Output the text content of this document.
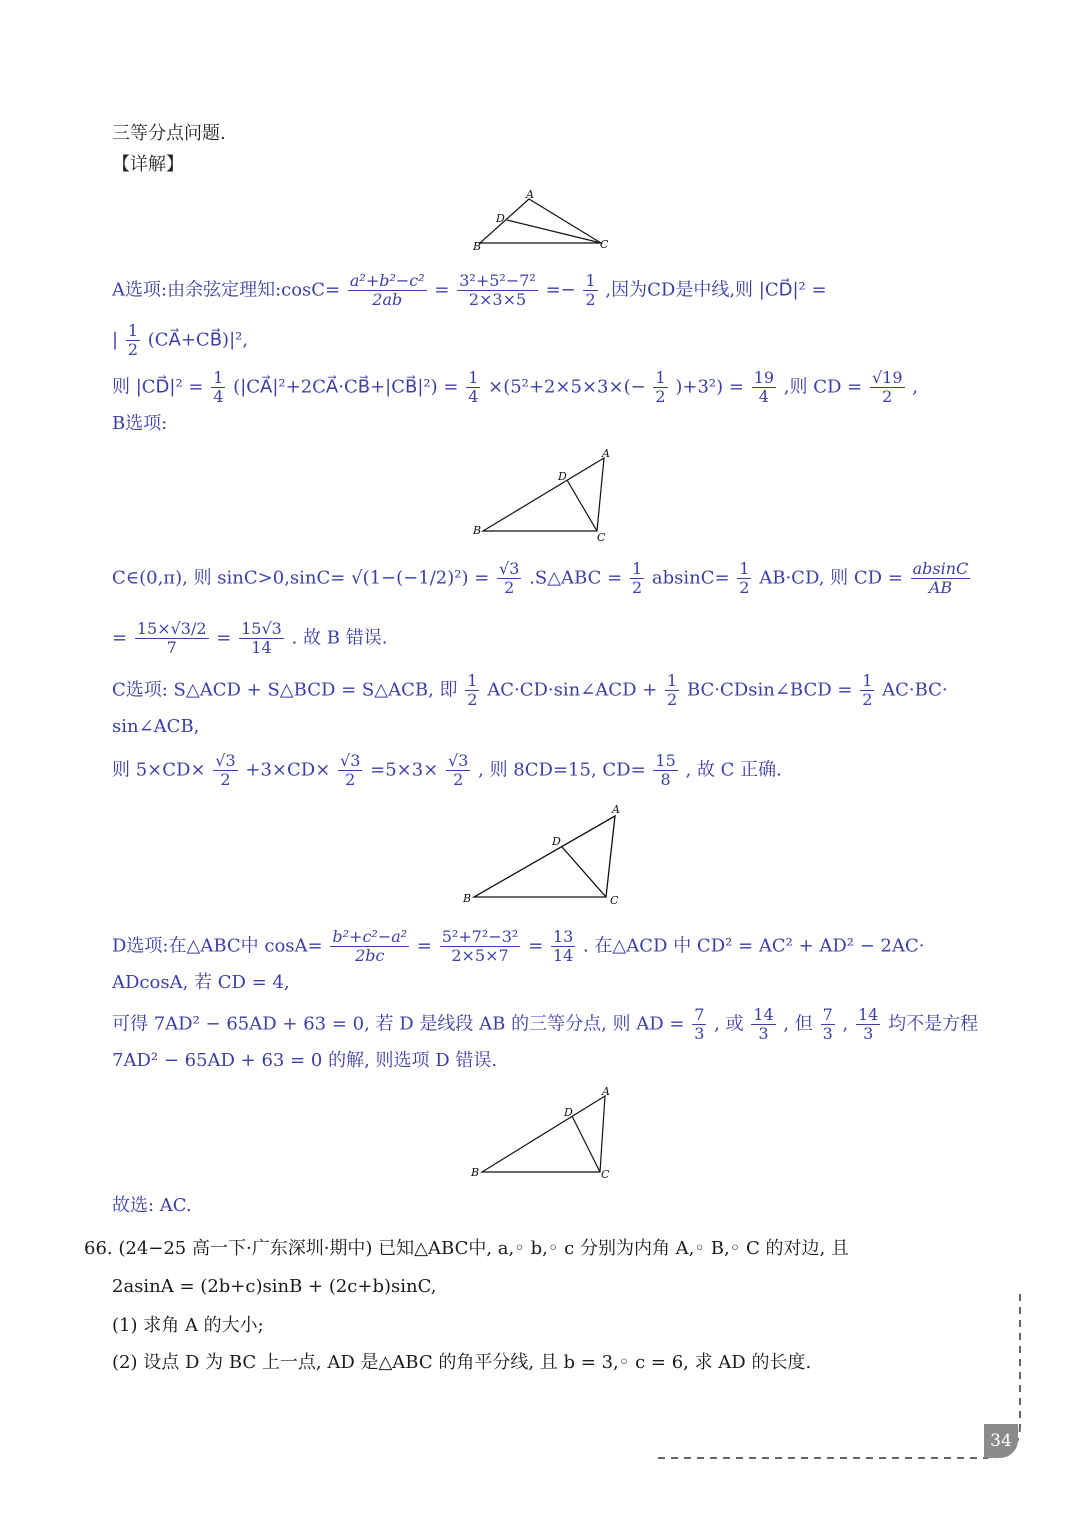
三等分点问题.
【详解】
A
D
B	C
A选项:由余弦定理知:cosC= $\frac{\text{a²+b²−c²}}{2ab} = \frac{\text{3²+5²−7²}}{2\times 3\times 5} =- \frac{1}{2}$ ,因为CD是中线,则 |CD⃗|² =
| $\frac{1}{2}$ (CA⃗+CB⃗)|²,
则 |CD⃗|² = $\frac{1}{4}$ (|CA⃗|²+2CA⃗·CB⃗+|CB⃗|²) = $\frac{1}{4} \times(5^2+2\times 5\times 3\times(- \frac{1}{2} )+3^2) = \frac{19}{4}$ ,则 CD = $\frac{√19}{2}$ ,
B选项:
A
D
B
C
C∈(0,π), 则 $\sin C>0,\sin C= √(1-(-1/2)^2) = \frac{√3}{2}$ .S△ABC = $\frac{1}{2} absinC= \frac{1}{2} AB\cdot CD$, 则 CD = $\frac{absinC}{AB}$
= $\frac{15\times√3/2}{7} = \frac{15√3}{14}$ . 故 B 错误.
C选项: S△ACD + S△BCD = S△ACB, 即 $\frac{1}{2}$ AC·CD·sin∠ACD + $\frac{1}{2}$ BC·CDsin∠BCD = $\frac{1}{2} AC\cdot BC\cdot$
sin∠ACB,
则 $5\times CD\times \frac{√3}{2} +3\times CD\times \frac{√3}{2} =5\times 3\times \frac{√3}{2}$ , 则 8CD=15, $CD= \frac{15}{8}$ , 故 C 正确.
A
D
B	C
D选项:在△ABC中 $\cos A= \frac{\text{b²+c²−a²}}{2bc} = \frac{\text{5²+7²−3²}}{2\times 5\times 7} = \frac{13}{14}$ . 在△ACD 中 CD² = AC² + AD² − 2AC·
ADcosA, 若 CD = 4,
可得 7AD² − 65AD + 63 = 0, 若 D 是线段 AB 的三等分点, 则 AD = $\frac{7}{3}$ , 或 $\frac{14}{3}$ , 但 $\frac{7}{3}$ , $\frac{14}{3}$ 均不是方程
7AD² − 65AD + 63 = 0 的解, 则选项 D 错误.
A
D
B	C
故选: AC.
66. (24−25 高一下·广东深圳·期中) 已知△ABC中, a,◦ b,◦ c 分别为内角 A,◦ B,◦ C 的对边, 且
2asinA = (2b+c)sinB + (2c+b)sinC,
(1) 求角 A 的大小;
(2) 设点 D 为 BC 上一点, AD 是△ABC 的角平分线, 且 b = 3,◦ c = 6, 求 AD 的长度.
34
